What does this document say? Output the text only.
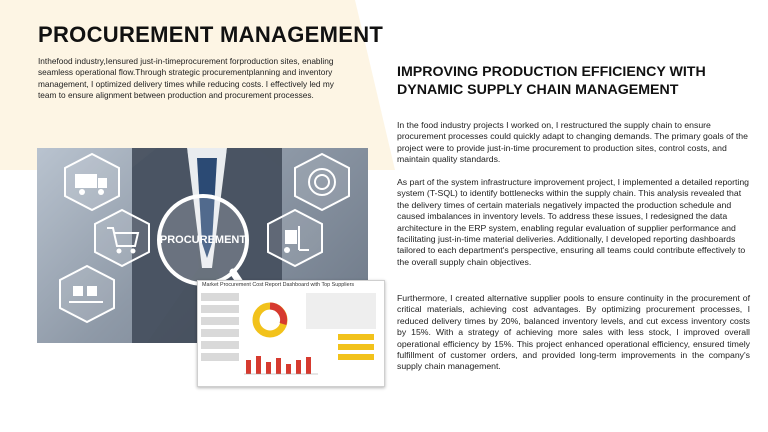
PROCUREMENT MANAGEMENT

Inthefood industry,Iensured just-in-timeprocurement forproduction sites, enabling seamless operational flow.Through strategic procurementplanning and inventory management, I optimized delivery times while reducing costs. I effectively led my team to ensure alignment between production and procurement processes.

PROCUREMENT
Market Procurement Cost Report Dashboard with Top Suppliers
IMPROVING PRODUCTION EFFICIENCY WITH DYNAMIC SUPPLY CHAIN MANAGEMENT

In the food industry projects I worked on, I restructured the supply chain to ensure procurement processes could quickly adapt to changing demands. The primary goals of the project were to provide just-in-time procurement to production sites, control costs, and maintain quality standards.

As part of the system infrastructure improvement project, I implemented a detailed reporting system (T-SQL) to identify bottlenecks within the supply chain. This analysis revealed that the delivery times of certain materials negatively impacted the production schedule and caused imbalances in inventory levels. To address these issues, I redesigned the data architecture in the ERP system, enabling regular evaluation of supplier performance and facilitating just-in-time material deliveries. Additionally, I developed reporting dashboards tailored to each department's perspective, ensuring all teams could contribute effectively to the overall supply chain objectives.

Furthermore, I created alternative supplier pools to ensure continuity in the procurement of critical materials, achieving cost advantages. By optimizing procurement processes, I reduced delivery times by 20%, balanced inventory levels, and cut excess inventory costs by 15%. With a strategy of achieving more sales with less stock, I improved overall operational efficiency by 15%. This project enhanced operational efficiency, ensured timely fulfillment of customer orders, and provided long-term improvements in the company's supply chain management.
